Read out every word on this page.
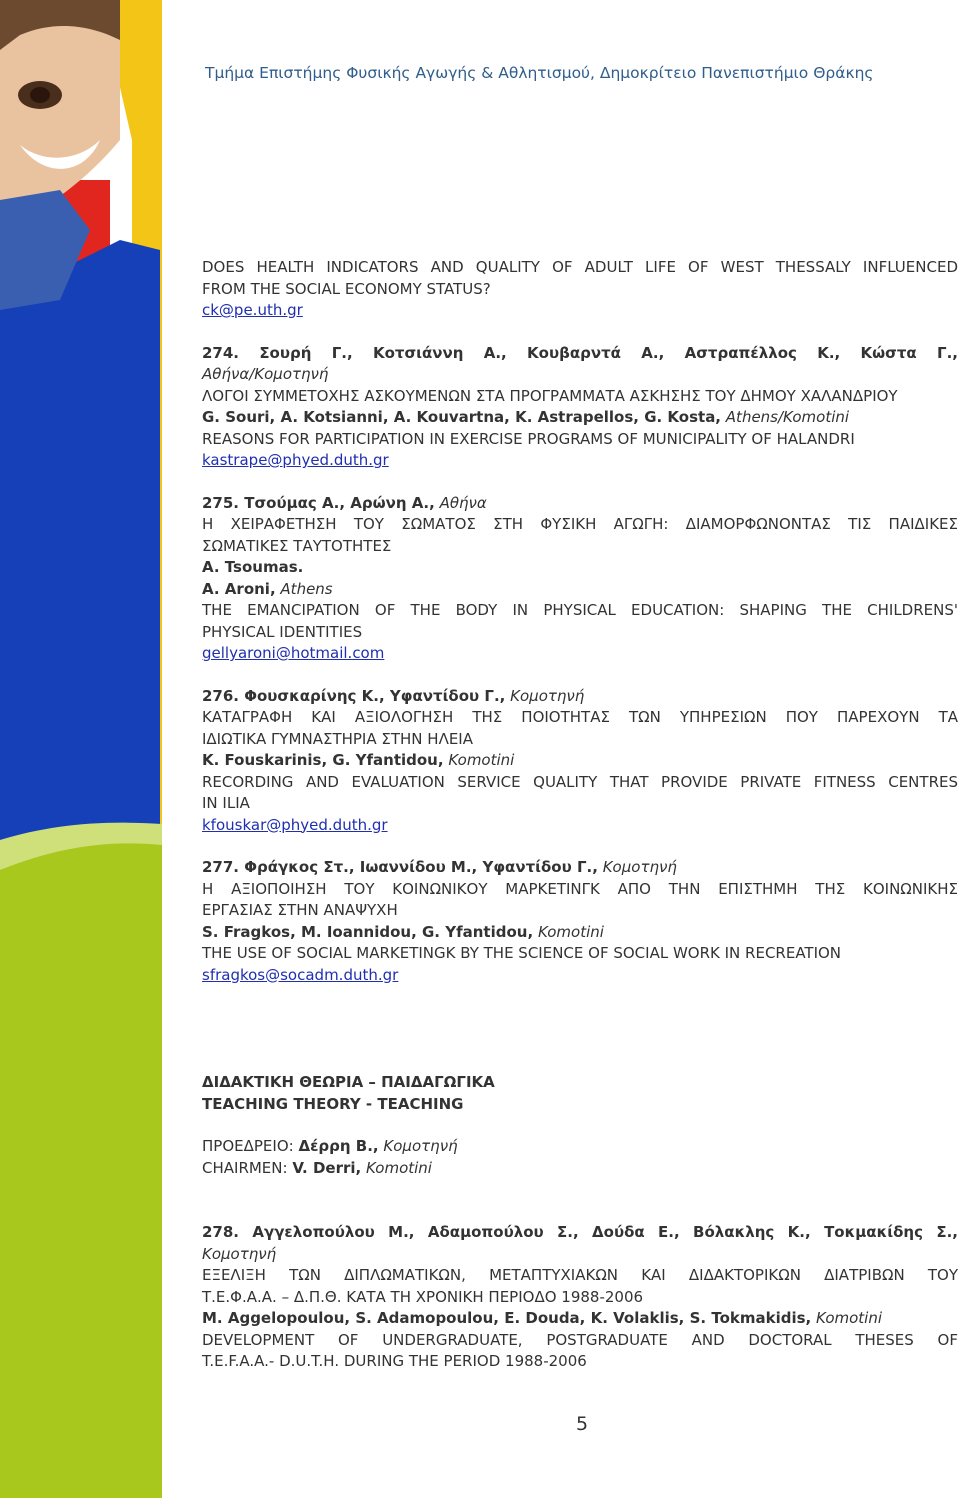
Τμήμα Επιστήμης Φυσικής Αγωγής & Αθλητισμού, Δημοκρίτειο Πανεπιστήμιο Θράκης

DOES HEALTH INDICATORS AND QUALITY OF ADULT LIFE OF WEST THESSALY INFLUENCED

FROM THE SOCIAL ECONOMY STATUS?

ck@pe.uth.gr

274. Σουρή Γ., Κοτσιάννη Α., Κουβαρντά Α., Αστραπέλλος Κ., Κώστα Γ.,

Αθήνα/Κομοτηνή

ΛΟΓΟΙ ΣΥΜΜΕΤΟΧΗΣ ΑΣΚΟΥΜΕΝΩΝ ΣΤΑ ΠΡΟΓΡΑΜΜΑΤΑ ΑΣΚΗΣΗΣ ΤΟΥ ΔΗΜΟΥ ΧΑΛΑΝΔΡΙΟΥ

G. Souri, A. Kotsianni, A. Kouvartna, K. Astrapellos, G. Kosta, Athens/Komotini

REASONS FOR PARTICIPATION IN EXERCISE PROGRAMS OF MUNICIPALITY OF HALANDRI

kastrape@phyed.duth.gr

275. Τσούμας Α., Αρώνη Α., Αθήνα

Η ΧΕΙΡΑΦΕΤΗΣΗ ΤΟΥ ΣΩΜΑΤΟΣ ΣΤΗ ΦΥΣΙΚΗ ΑΓΩΓΗ: ΔΙΑΜΟΡΦΩΝΟΝΤΑΣ ΤΙΣ ΠΑΙΔΙΚΕΣ

ΣΩΜΑΤΙΚΕΣ ΤΑΥΤΟΤΗΤΕΣ

A. Tsoumas.

A. Aroni, Athens

THE EMANCIPATION OF THE BODY IN PHYSICAL EDUCATION: SHAPING THE CHILDRENS'

PHYSICAL IDENTITIES

gellyaroni@hotmail.com

276. Φουσκαρίνης Κ., Υφαντίδου Γ., Κομοτηνή

ΚΑΤΑΓΡΑΦΗ ΚΑΙ ΑΞΙΟΛΟΓΗΣΗ ΤΗΣ ΠΟΙΟΤΗΤΑΣ ΤΩΝ ΥΠΗΡΕΣΙΩΝ ΠΟΥ ΠΑΡΕΧΟΥΝ ΤΑ

ΙΔΙΩΤΙΚΑ ΓΥΜΝΑΣΤΗΡΙΑ ΣΤΗΝ ΗΛΕΙΑ

K. Fouskarinis, G. Yfantidou, Komotini

RECORDING AND EVALUATION SERVICE QUALITY THAT PROVIDE PRIVATE FITNESS CENTRES

IN ILIA

kfouskar@phyed.duth.gr

277. Φράγκος Στ., Ιωαννίδου Μ., Υφαντίδου Γ., Κομοτηνή

Η ΑΞΙΟΠΟΙΗΣΗ ΤΟΥ ΚΟΙΝΩΝΙΚΟΥ ΜΑΡΚΕΤΙΝΓΚ ΑΠΟ ΤΗΝ ΕΠΙΣΤΗΜΗ ΤΗΣ ΚΟΙΝΩΝΙΚΗΣ

ΕΡΓΑΣΙΑΣ ΣΤΗΝ ΑΝΑΨΥΧΗ

S. Fragkos, M. Ioannidou, G. Yfantidou, Komotini

THE USE OF SOCIAL MARKETINGK BY THE SCIENCE OF SOCIAL WORK IN RECREATION

sfragkos@socadm.duth.gr

ΔΙΔΑΚΤΙΚΗ ΘΕΩΡΙΑ – ΠΑΙΔΑΓΩΓΙΚΑ

TEACHING THEORY - TEACHING

ΠΡΟΕΔΡΕΙΟ: Δέρρη Β., Κομοτηνή

CHAIRMEN: V. Derri, Komotini

278. Αγγελοπούλου Μ., Αδαμοπούλου Σ., Δούδα Ε., Βόλακλης Κ., Τοκμακίδης Σ.,

Κομοτηνή

ΕΞΕΛΙΞΗ ΤΩΝ ΔΙΠΛΩΜΑΤΙΚΩΝ, ΜΕΤΑΠΤΥΧΙΑΚΩΝ ΚΑΙ ΔΙΔΑΚΤΟΡΙΚΩΝ ΔΙΑΤΡΙΒΩΝ ΤΟΥ

Τ.Ε.Φ.Α.Α. – Δ.Π.Θ. ΚΑΤΑ ΤΗ ΧΡΟΝΙΚΗ ΠΕΡΙΟΔΟ 1988-2006

M. Aggelopoulou, S. Adamopoulou, E. Douda, K. Volaklis, S. Tokmakidis, Komotini

DEVELOPMENT OF UNDERGRADUATE, POSTGRADUATE AND DOCTORAL THESES OF

T.E.F.A.A.- D.U.T.H. DURING THE PERIOD 1988-2006

5
